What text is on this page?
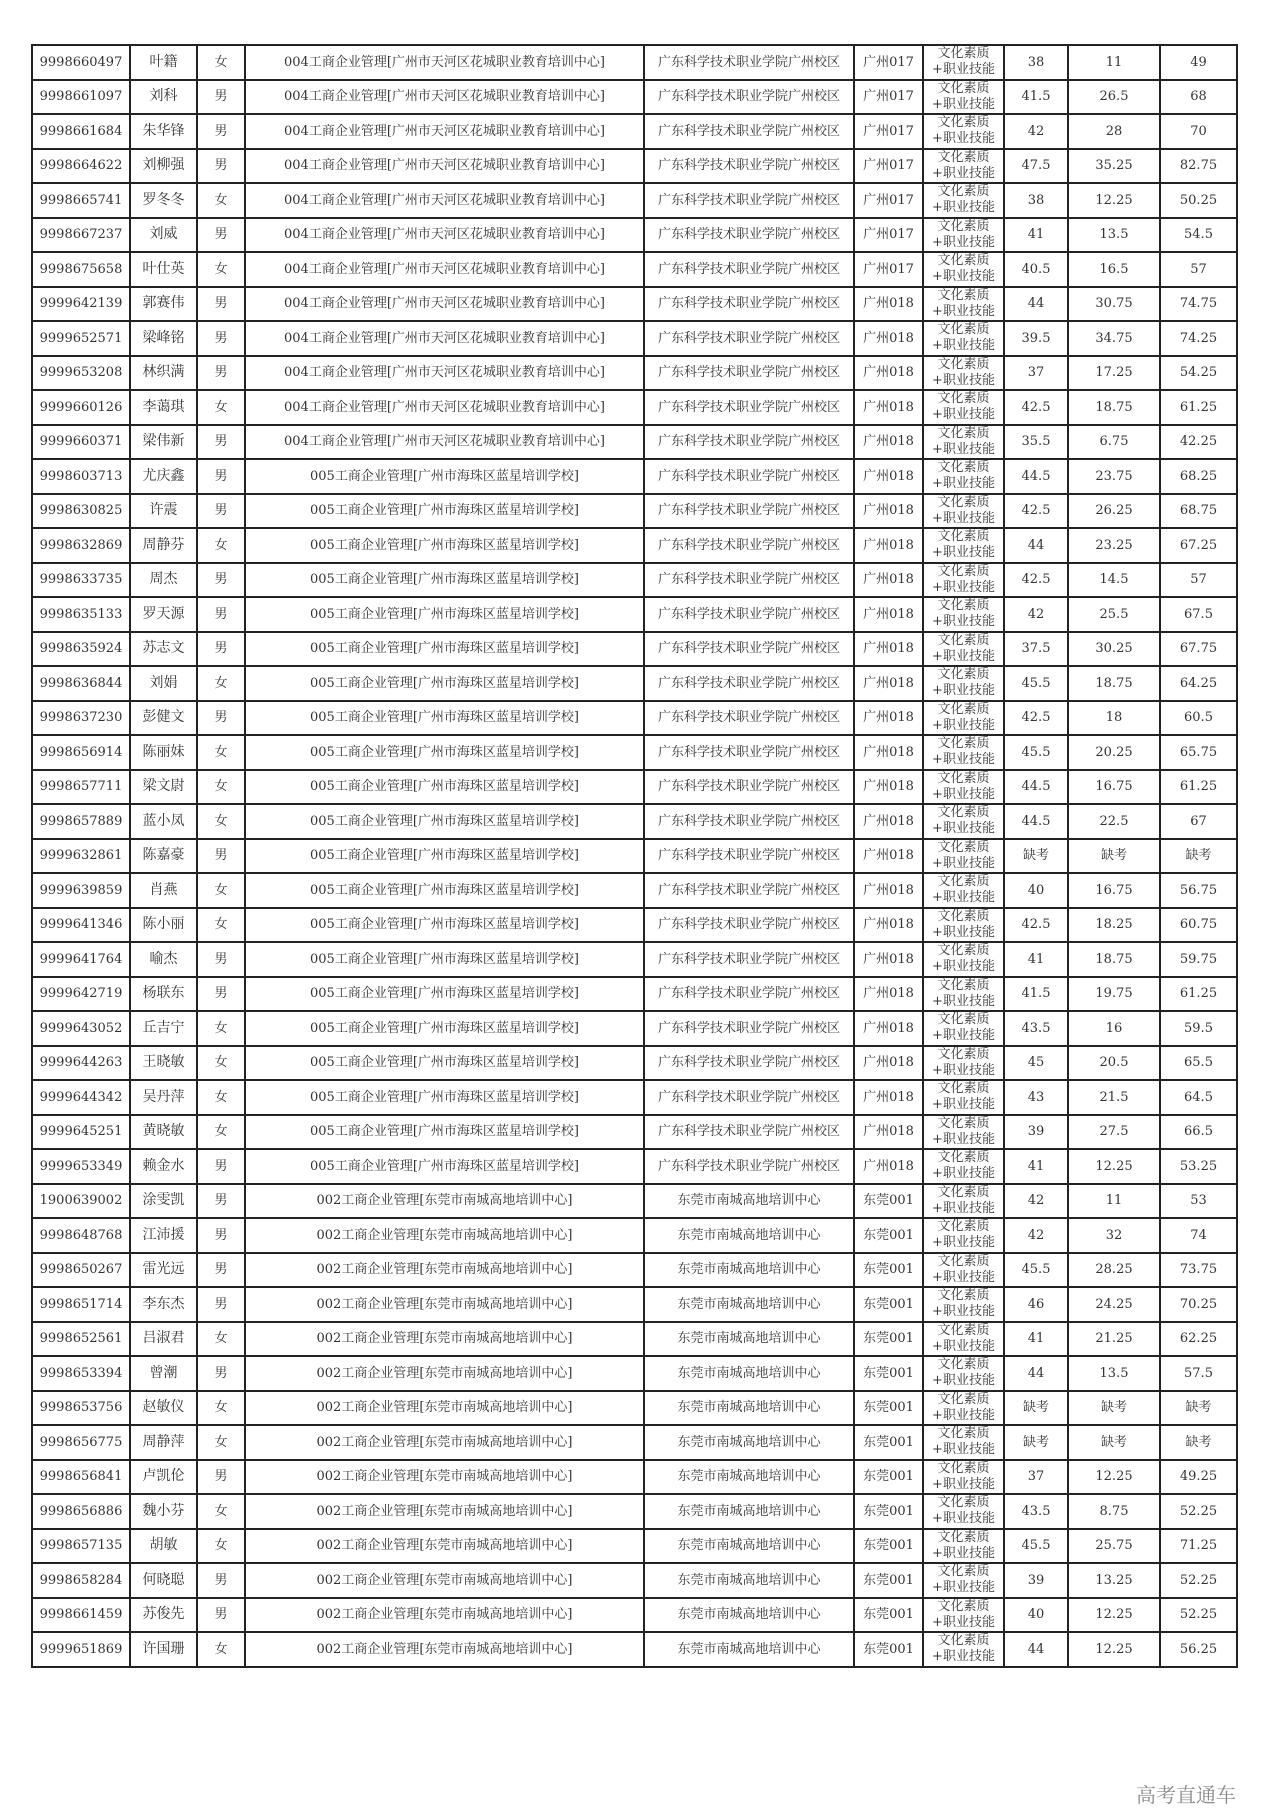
9998660497	叶籍	女	004工商企业管理[广州市天河区花城职业教育培训中心]	广东科学技术职业学院广州校区	广州017	文化素质+职业技能	38	11	49
9998661097	刘科	男	004工商企业管理[广州市天河区花城职业教育培训中心]	广东科学技术职业学院广州校区	广州017	文化素质+职业技能	41.5	26.5	68
9998661684	朱华锋	男	004工商企业管理[广州市天河区花城职业教育培训中心]	广东科学技术职业学院广州校区	广州017	文化素质+职业技能	42	28	70
9998664622	刘柳强	男	004工商企业管理[广州市天河区花城职业教育培训中心]	广东科学技术职业学院广州校区	广州017	文化素质+职业技能	47.5	35.25	82.75
9998665741	罗冬冬	女	004工商企业管理[广州市天河区花城职业教育培训中心]	广东科学技术职业学院广州校区	广州017	文化素质+职业技能	38	12.25	50.25
9998667237	刘威	男	004工商企业管理[广州市天河区花城职业教育培训中心]	广东科学技术职业学院广州校区	广州017	文化素质+职业技能	41	13.5	54.5
9998675658	叶仕英	女	004工商企业管理[广州市天河区花城职业教育培训中心]	广东科学技术职业学院广州校区	广州017	文化素质+职业技能	40.5	16.5	57
9999642139	郭赛伟	男	004工商企业管理[广州市天河区花城职业教育培训中心]	广东科学技术职业学院广州校区	广州018	文化素质+职业技能	44	30.75	74.75
9999652571	梁峰铭	男	004工商企业管理[广州市天河区花城职业教育培训中心]	广东科学技术职业学院广州校区	广州018	文化素质+职业技能	39.5	34.75	74.25
9999653208	林织满	男	004工商企业管理[广州市天河区花城职业教育培训中心]	广东科学技术职业学院广州校区	广州018	文化素质+职业技能	37	17.25	54.25
9999660126	李蔼琪	女	004工商企业管理[广州市天河区花城职业教育培训中心]	广东科学技术职业学院广州校区	广州018	文化素质+职业技能	42.5	18.75	61.25
9999660371	梁伟新	男	004工商企业管理[广州市天河区花城职业教育培训中心]	广东科学技术职业学院广州校区	广州018	文化素质+职业技能	35.5	6.75	42.25
9998603713	尤庆鑫	男	005工商企业管理[广州市海珠区蓝星培训学校]	广东科学技术职业学院广州校区	广州018	文化素质+职业技能	44.5	23.75	68.25
9998630825	许震	男	005工商企业管理[广州市海珠区蓝星培训学校]	广东科学技术职业学院广州校区	广州018	文化素质+职业技能	42.5	26.25	68.75
9998632869	周静芬	女	005工商企业管理[广州市海珠区蓝星培训学校]	广东科学技术职业学院广州校区	广州018	文化素质+职业技能	44	23.25	67.25
9998633735	周杰	男	005工商企业管理[广州市海珠区蓝星培训学校]	广东科学技术职业学院广州校区	广州018	文化素质+职业技能	42.5	14.5	57
9998635133	罗天源	男	005工商企业管理[广州市海珠区蓝星培训学校]	广东科学技术职业学院广州校区	广州018	文化素质+职业技能	42	25.5	67.5
9998635924	苏志文	男	005工商企业管理[广州市海珠区蓝星培训学校]	广东科学技术职业学院广州校区	广州018	文化素质+职业技能	37.5	30.25	67.75
9998636844	刘娟	女	005工商企业管理[广州市海珠区蓝星培训学校]	广东科学技术职业学院广州校区	广州018	文化素质+职业技能	45.5	18.75	64.25
9998637230	彭健文	男	005工商企业管理[广州市海珠区蓝星培训学校]	广东科学技术职业学院广州校区	广州018	文化素质+职业技能	42.5	18	60.5
9998656914	陈丽妹	女	005工商企业管理[广州市海珠区蓝星培训学校]	广东科学技术职业学院广州校区	广州018	文化素质+职业技能	45.5	20.25	65.75
9998657711	梁文尉	女	005工商企业管理[广州市海珠区蓝星培训学校]	广东科学技术职业学院广州校区	广州018	文化素质+职业技能	44.5	16.75	61.25
9998657889	蓝小凤	女	005工商企业管理[广州市海珠区蓝星培训学校]	广东科学技术职业学院广州校区	广州018	文化素质+职业技能	44.5	22.5	67
9999632861	陈嘉豪	男	005工商企业管理[广州市海珠区蓝星培训学校]	广东科学技术职业学院广州校区	广州018	文化素质+职业技能	缺考	缺考	缺考
9999639859	肖燕	女	005工商企业管理[广州市海珠区蓝星培训学校]	广东科学技术职业学院广州校区	广州018	文化素质+职业技能	40	16.75	56.75
9999641346	陈小丽	女	005工商企业管理[广州市海珠区蓝星培训学校]	广东科学技术职业学院广州校区	广州018	文化素质+职业技能	42.5	18.25	60.75
9999641764	喻杰	男	005工商企业管理[广州市海珠区蓝星培训学校]	广东科学技术职业学院广州校区	广州018	文化素质+职业技能	41	18.75	59.75
9999642719	杨联东	男	005工商企业管理[广州市海珠区蓝星培训学校]	广东科学技术职业学院广州校区	广州018	文化素质+职业技能	41.5	19.75	61.25
9999643052	丘吉宁	女	005工商企业管理[广州市海珠区蓝星培训学校]	广东科学技术职业学院广州校区	广州018	文化素质+职业技能	43.5	16	59.5
9999644263	王晓敏	女	005工商企业管理[广州市海珠区蓝星培训学校]	广东科学技术职业学院广州校区	广州018	文化素质+职业技能	45	20.5	65.5
9999644342	吴丹萍	女	005工商企业管理[广州市海珠区蓝星培训学校]	广东科学技术职业学院广州校区	广州018	文化素质+职业技能	43	21.5	64.5
9999645251	黄晓敏	女	005工商企业管理[广州市海珠区蓝星培训学校]	广东科学技术职业学院广州校区	广州018	文化素质+职业技能	39	27.5	66.5
9999653349	赖金水	男	005工商企业管理[广州市海珠区蓝星培训学校]	广东科学技术职业学院广州校区	广州018	文化素质+职业技能	41	12.25	53.25
1900639002	涂雯凯	男	002工商企业管理[东莞市南城高地培训中心]	东莞市南城高地培训中心	东莞001	文化素质+职业技能	42	11	53
9998648768	江沛援	男	002工商企业管理[东莞市南城高地培训中心]	东莞市南城高地培训中心	东莞001	文化素质+职业技能	42	32	74
9998650267	雷光远	男	002工商企业管理[东莞市南城高地培训中心]	东莞市南城高地培训中心	东莞001	文化素质+职业技能	45.5	28.25	73.75
9998651714	李东杰	男	002工商企业管理[东莞市南城高地培训中心]	东莞市南城高地培训中心	东莞001	文化素质+职业技能	46	24.25	70.25
9998652561	吕淑君	女	002工商企业管理[东莞市南城高地培训中心]	东莞市南城高地培训中心	东莞001	文化素质+职业技能	41	21.25	62.25
9998653394	曾潮	男	002工商企业管理[东莞市南城高地培训中心]	东莞市南城高地培训中心	东莞001	文化素质+职业技能	44	13.5	57.5
9998653756	赵敏仪	女	002工商企业管理[东莞市南城高地培训中心]	东莞市南城高地培训中心	东莞001	文化素质+职业技能	缺考	缺考	缺考
9998656775	周静萍	女	002工商企业管理[东莞市南城高地培训中心]	东莞市南城高地培训中心	东莞001	文化素质+职业技能	缺考	缺考	缺考
9998656841	卢凯伦	男	002工商企业管理[东莞市南城高地培训中心]	东莞市南城高地培训中心	东莞001	文化素质+职业技能	37	12.25	49.25
9998656886	魏小芬	女	002工商企业管理[东莞市南城高地培训中心]	东莞市南城高地培训中心	东莞001	文化素质+职业技能	43.5	8.75	52.25
9998657135	胡敏	女	002工商企业管理[东莞市南城高地培训中心]	东莞市南城高地培训中心	东莞001	文化素质+职业技能	45.5	25.75	71.25
9998658284	何晓聪	男	002工商企业管理[东莞市南城高地培训中心]	东莞市南城高地培训中心	东莞001	文化素质+职业技能	39	13.25	52.25
9998661459	苏俊先	男	002工商企业管理[东莞市南城高地培训中心]	东莞市南城高地培训中心	东莞001	文化素质+职业技能	40	12.25	52.25
9999651869	许国珊	女	002工商企业管理[东莞市南城高地培训中心]	东莞市南城高地培训中心	东莞001	文化素质+职业技能	44	12.25	56.25
高考直通车
